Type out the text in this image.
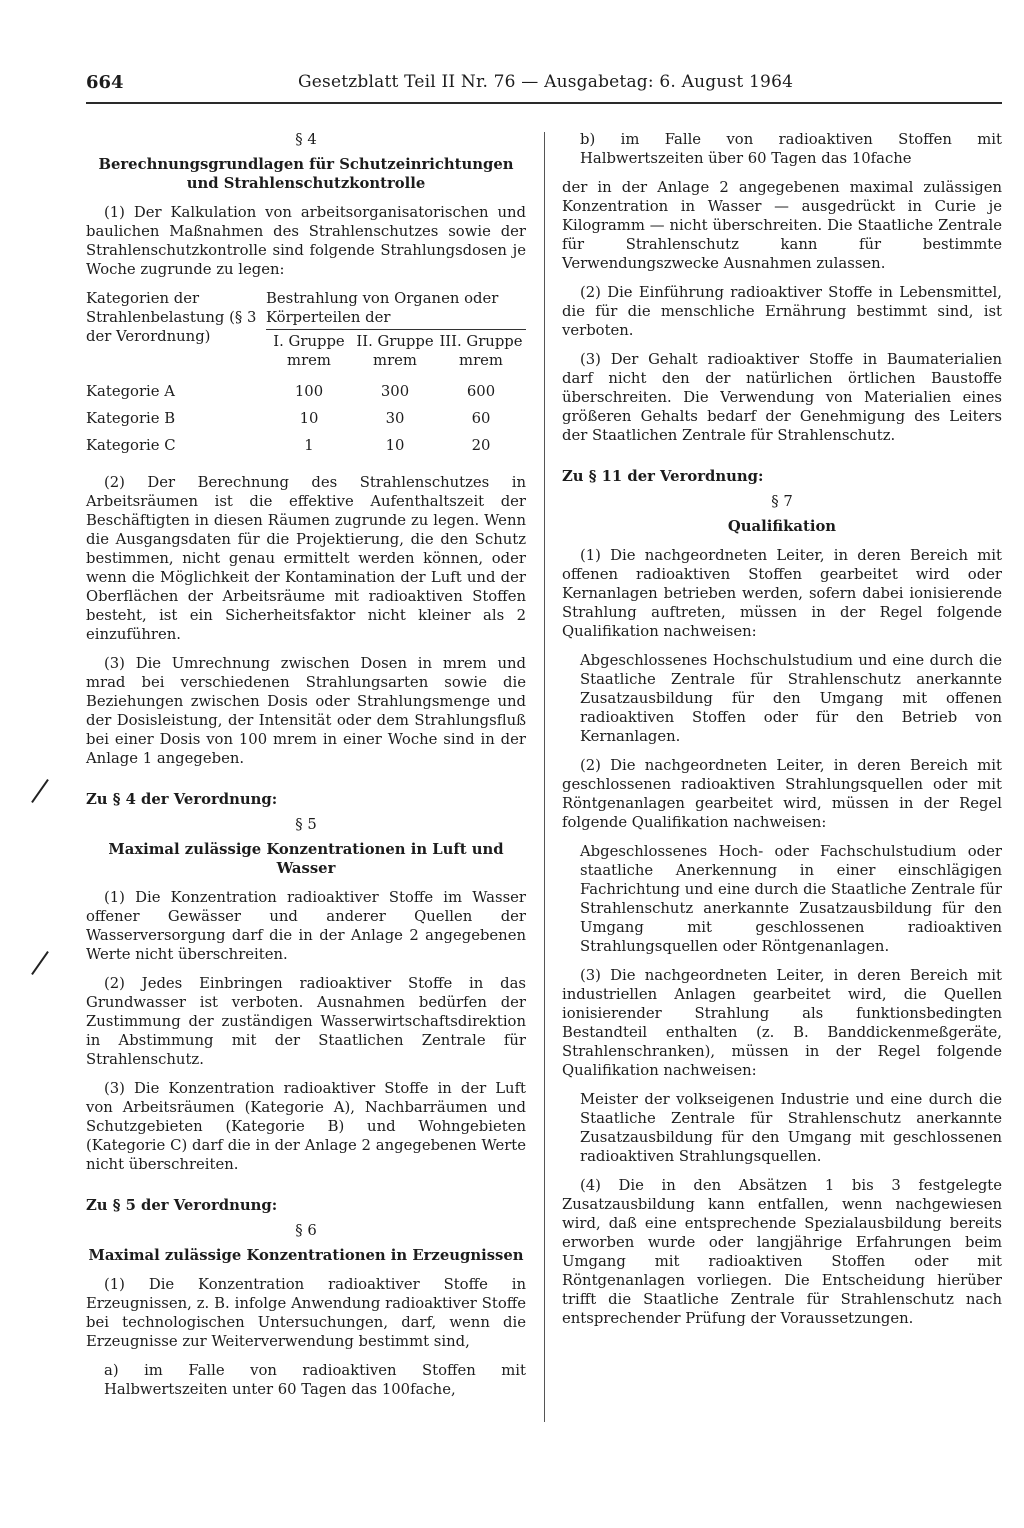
664	Gesetzblatt Teil II Nr. 76 — Ausgabetag: 6. August 1964

§ 4

Berechnungsgrundlagen für Schutzeinrichtungen und Strahlenschutzkontrolle

(1) Der Kalkulation von arbeitsorganisatorischen und baulichen Maßnahmen des Strahlenschutzes sowie der Strahlenschutzkontrolle sind folgende Strahlungsdosen je Woche zugrunde zu legen:

Kategorien der Strahlenbelastung (§ 3 der Verordnung)
Bestrahlung von Organen oder Körperteilen der
I. Gruppe II. Gruppe III. Gruppe
mrem	mrem	mrem
Kategorie A	100	300	600
Kategorie B	10	30	60
Kategorie C	1	10	20

(2) Der Berechnung des Strahlenschutzes in Arbeitsräumen ist die effektive Aufenthaltszeit der Beschäftigten in diesen Räumen zugrunde zu legen. Wenn die Ausgangsdaten für die Projektierung, die den Schutz bestimmen, nicht genau ermittelt werden können, oder wenn die Möglichkeit der Kontamination der Luft und der Oberflächen der Arbeitsräume mit radioaktiven Stoffen besteht, ist ein Sicherheitsfaktor nicht kleiner als 2 einzuführen.

(3) Die Umrechnung zwischen Dosen in mrem und mrad bei verschiedenen Strahlungsarten sowie die Beziehungen zwischen Dosis oder Strahlungsmenge und der Dosisleistung, der Intensität oder dem Strahlungsfluß bei einer Dosis von 100 mrem in einer Woche sind in der Anlage 1 angegeben.

Zu § 4 der Verordnung:

§ 5

Maximal zulässige Konzentrationen in Luft und Wasser

(1) Die Konzentration radioaktiver Stoffe im Wasser offener Gewässer und anderer Quellen der Wasserversorgung darf die in der Anlage 2 angegebenen Werte nicht überschreiten.

(2) Jedes Einbringen radioaktiver Stoffe in das Grundwasser ist verboten. Ausnahmen bedürfen der Zustimmung der zuständigen Wasserwirtschaftsdirektion in Abstimmung mit der Staatlichen Zentrale für Strahlenschutz.

(3) Die Konzentration radioaktiver Stoffe in der Luft von Arbeitsräumen (Kategorie A), Nachbarräumen und Schutzgebieten (Kategorie B) und Wohngebieten (Kategorie C) darf die in der Anlage 2 angegebenen Werte nicht überschreiten.

Zu § 5 der Verordnung:

§ 6

Maximal zulässige Konzentrationen in Erzeugnissen

(1) Die Konzentration radioaktiver Stoffe in Erzeugnissen, z. B. infolge Anwendung radioaktiver Stoffe bei technologischen Untersuchungen, darf, wenn die Erzeugnisse zur Weiterverwendung bestimmt sind,

a) im Falle von radioaktiven Stoffen mit Halbwertszeiten unter 60 Tagen das 100fache,

b) im Falle von radioaktiven Stoffen mit Halbwertszeiten über 60 Tagen das 10fache

der in der Anlage 2 angegebenen maximal zulässigen Konzentration in Wasser — ausgedrückt in Curie je Kilogramm — nicht überschreiten. Die Staatliche Zentrale für Strahlenschutz kann für bestimmte Verwendungszwecke Ausnahmen zulassen.

(2) Die Einführung radioaktiver Stoffe in Lebensmittel, die für die menschliche Ernährung bestimmt sind, ist verboten.

(3) Der Gehalt radioaktiver Stoffe in Baumaterialien darf nicht den der natürlichen örtlichen Baustoffe überschreiten. Die Verwendung von Materialien eines größeren Gehalts bedarf der Genehmigung des Leiters der Staatlichen Zentrale für Strahlenschutz.

Zu § 11 der Verordnung:

§ 7

Qualifikation

(1) Die nachgeordneten Leiter, in deren Bereich mit offenen radioaktiven Stoffen gearbeitet wird oder Kernanlagen betrieben werden, sofern dabei ionisierende Strahlung auftreten, müssen in der Regel folgende Qualifikation nachweisen:

Abgeschlossenes Hochschulstudium und eine durch die Staatliche Zentrale für Strahlenschutz anerkannte Zusatzausbildung für den Umgang mit offenen radioaktiven Stoffen oder für den Betrieb von Kernanlagen.

(2) Die nachgeordneten Leiter, in deren Bereich mit geschlossenen radioaktiven Strahlungsquellen oder mit Röntgenanlagen gearbeitet wird, müssen in der Regel folgende Qualifikation nachweisen:

Abgeschlossenes Hoch- oder Fachschulstudium oder staatliche Anerkennung in einer einschlägigen Fachrichtung und eine durch die Staatliche Zentrale für Strahlenschutz anerkannte Zusatzausbildung für den Umgang mit geschlossenen radioaktiven Strahlungsquellen oder Röntgenanlagen.

(3) Die nachgeordneten Leiter, in deren Bereich mit industriellen Anlagen gearbeitet wird, die Quellen ionisierender Strahlung als funktionsbedingten Bestandteil enthalten (z. B. Banddickenmeßgeräte, Strahlenschranken), müssen in der Regel folgende Qualifikation nachweisen:

Meister der volkseigenen Industrie und eine durch die Staatliche Zentrale für Strahlenschutz anerkannte Zusatzausbildung für den Umgang mit geschlossenen radioaktiven Strahlungsquellen.

(4) Die in den Absätzen 1 bis 3 festgelegte Zusatzausbildung kann entfallen, wenn nachgewiesen wird, daß eine entsprechende Spezialausbildung bereits erworben wurde oder langjährige Erfahrungen beim Umgang mit radioaktiven Stoffen oder mit Röntgenanlagen vorliegen. Die Entscheidung hierüber trifft die Staatliche Zentrale für Strahlenschutz nach entsprechender Prüfung der Voraussetzungen.
